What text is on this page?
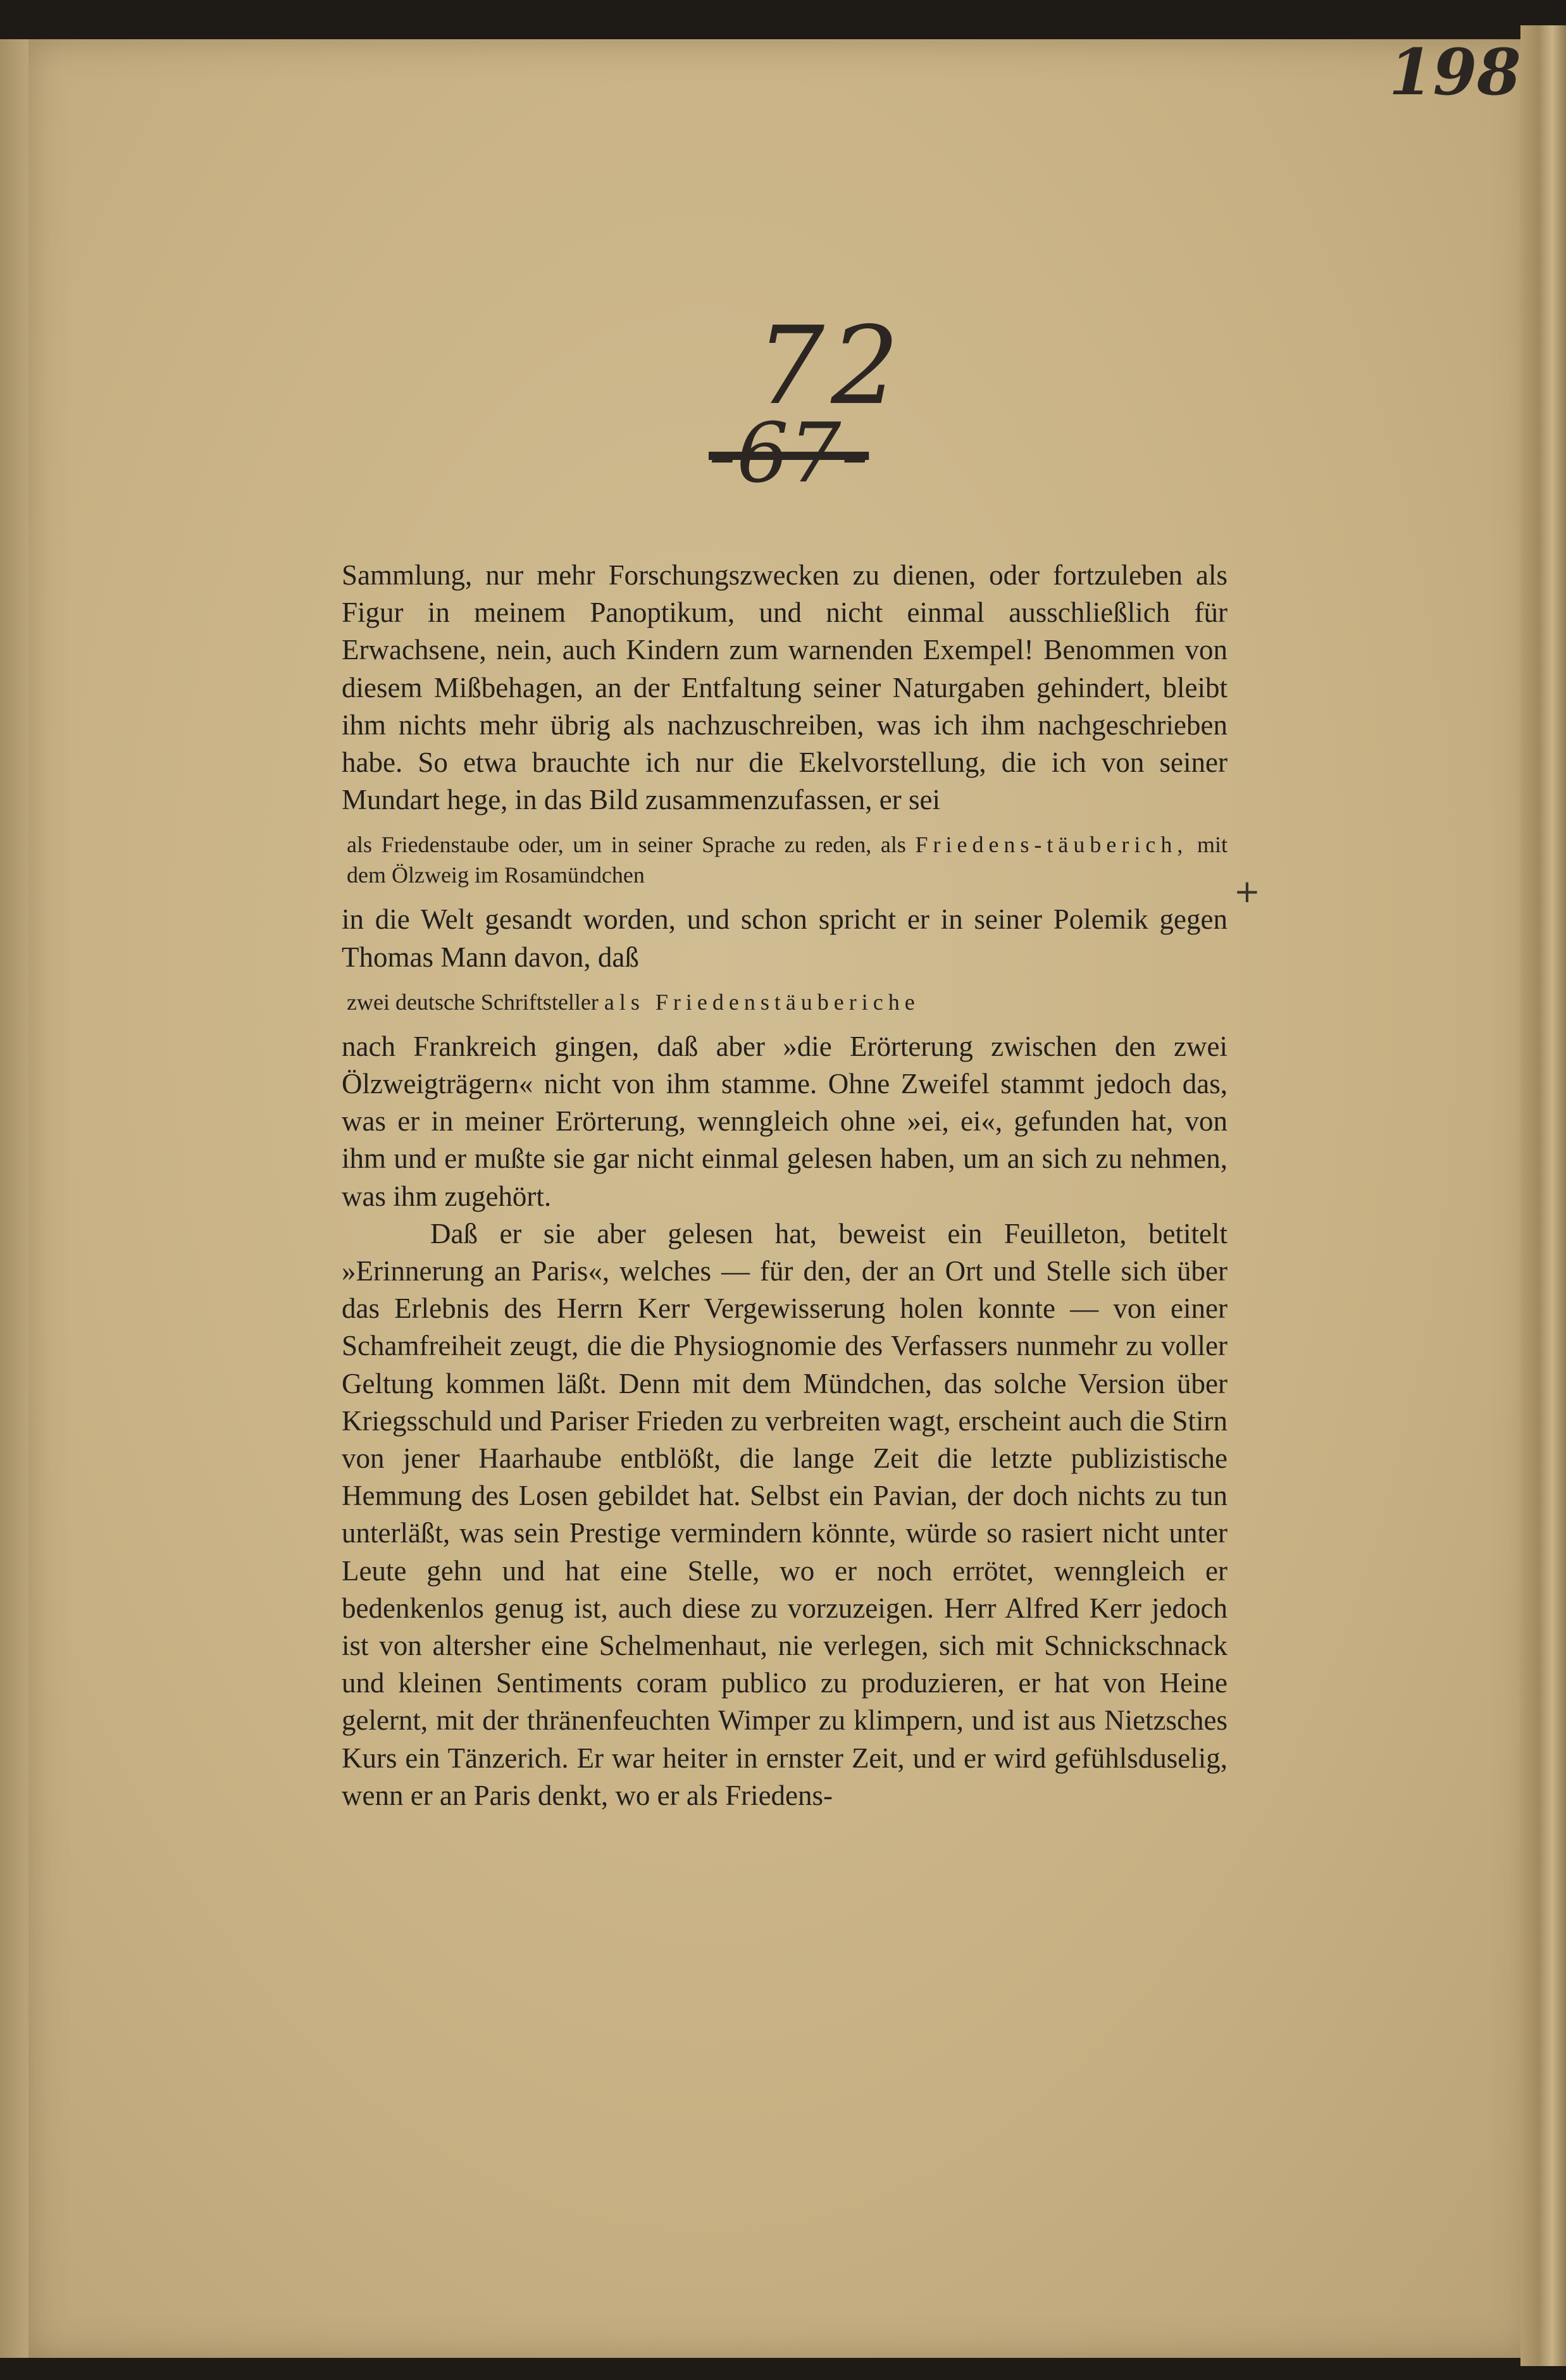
198
72
-67-

Sammlung, nur mehr Forschungszwecken zu dienen, oder fortzuleben als Figur in meinem Panoptikum, und nicht einmal ausschließlich für Erwachsene, nein, auch Kindern zum warnenden Exempel! Benommen von diesem Mißbehagen, an der Entfaltung seiner Naturgaben gehindert, bleibt ihm nichts mehr übrig als nachzuschreiben, was ich ihm nachgeschrieben habe. So etwa brauchte ich nur die Ekelvorstellung, die ich von seiner Mundart hege, in das Bild zusammenzufassen, er sei

als Friedenstaube oder, um in seiner Sprache zu reden, als Friedens-täuberich, mit dem Ölzweig im Rosamündchen

in die Welt gesandt worden, und schon spricht er in seiner Polemik gegen Thomas Mann davon, daß

zwei deutsche Schriftsteller als Friedenstäuberiche

nach Frankreich gingen, daß aber »die Erörterung zwischen den zwei Ölzweigträgern« nicht von ihm stamme. Ohne Zweifel stammt jedoch das, was er in meiner Erörterung, wenngleich ohne »ei, ei«, gefunden hat, von ihm und er mußte sie gar nicht einmal gelesen haben, um an sich zu nehmen, was ihm zugehört.

Daß er sie aber gelesen hat, beweist ein Feuilleton, betitelt »Erinnerung an Paris«, welches — für den, der an Ort und Stelle sich über das Erlebnis des Herrn Kerr Vergewisserung holen konnte — von einer Schamfreiheit zeugt, die die Physiognomie des Verfassers nunmehr zu voller Geltung kommen läßt. Denn mit dem Mündchen, das solche Version über Kriegsschuld und Pariser Frieden zu verbreiten wagt, erscheint auch die Stirn von jener Haarhaube entblößt, die lange Zeit die letzte publizistische Hemmung des Losen gebildet hat. Selbst ein Pavian, der doch nichts zu tun unterläßt, was sein Prestige vermindern könnte, würde so rasiert nicht unter Leute gehn und hat eine Stelle, wo er noch errötet, wenngleich er bedenkenlos genug ist, auch diese zu vorzuzeigen. Herr Alfred Kerr jedoch ist von altersher eine Schelmenhaut, nie verlegen, sich mit Schnickschnack und kleinen Sentiments coram publico zu produzieren, er hat von Heine gelernt, mit der thränenfeuchten Wimper zu klimpern, und ist aus Nietzsches Kurs ein Tänzerich. Er war heiter in ernster Zeit, und er wird gefühlsduselig, wenn er an Paris denkt, wo er als Friedens-

+
